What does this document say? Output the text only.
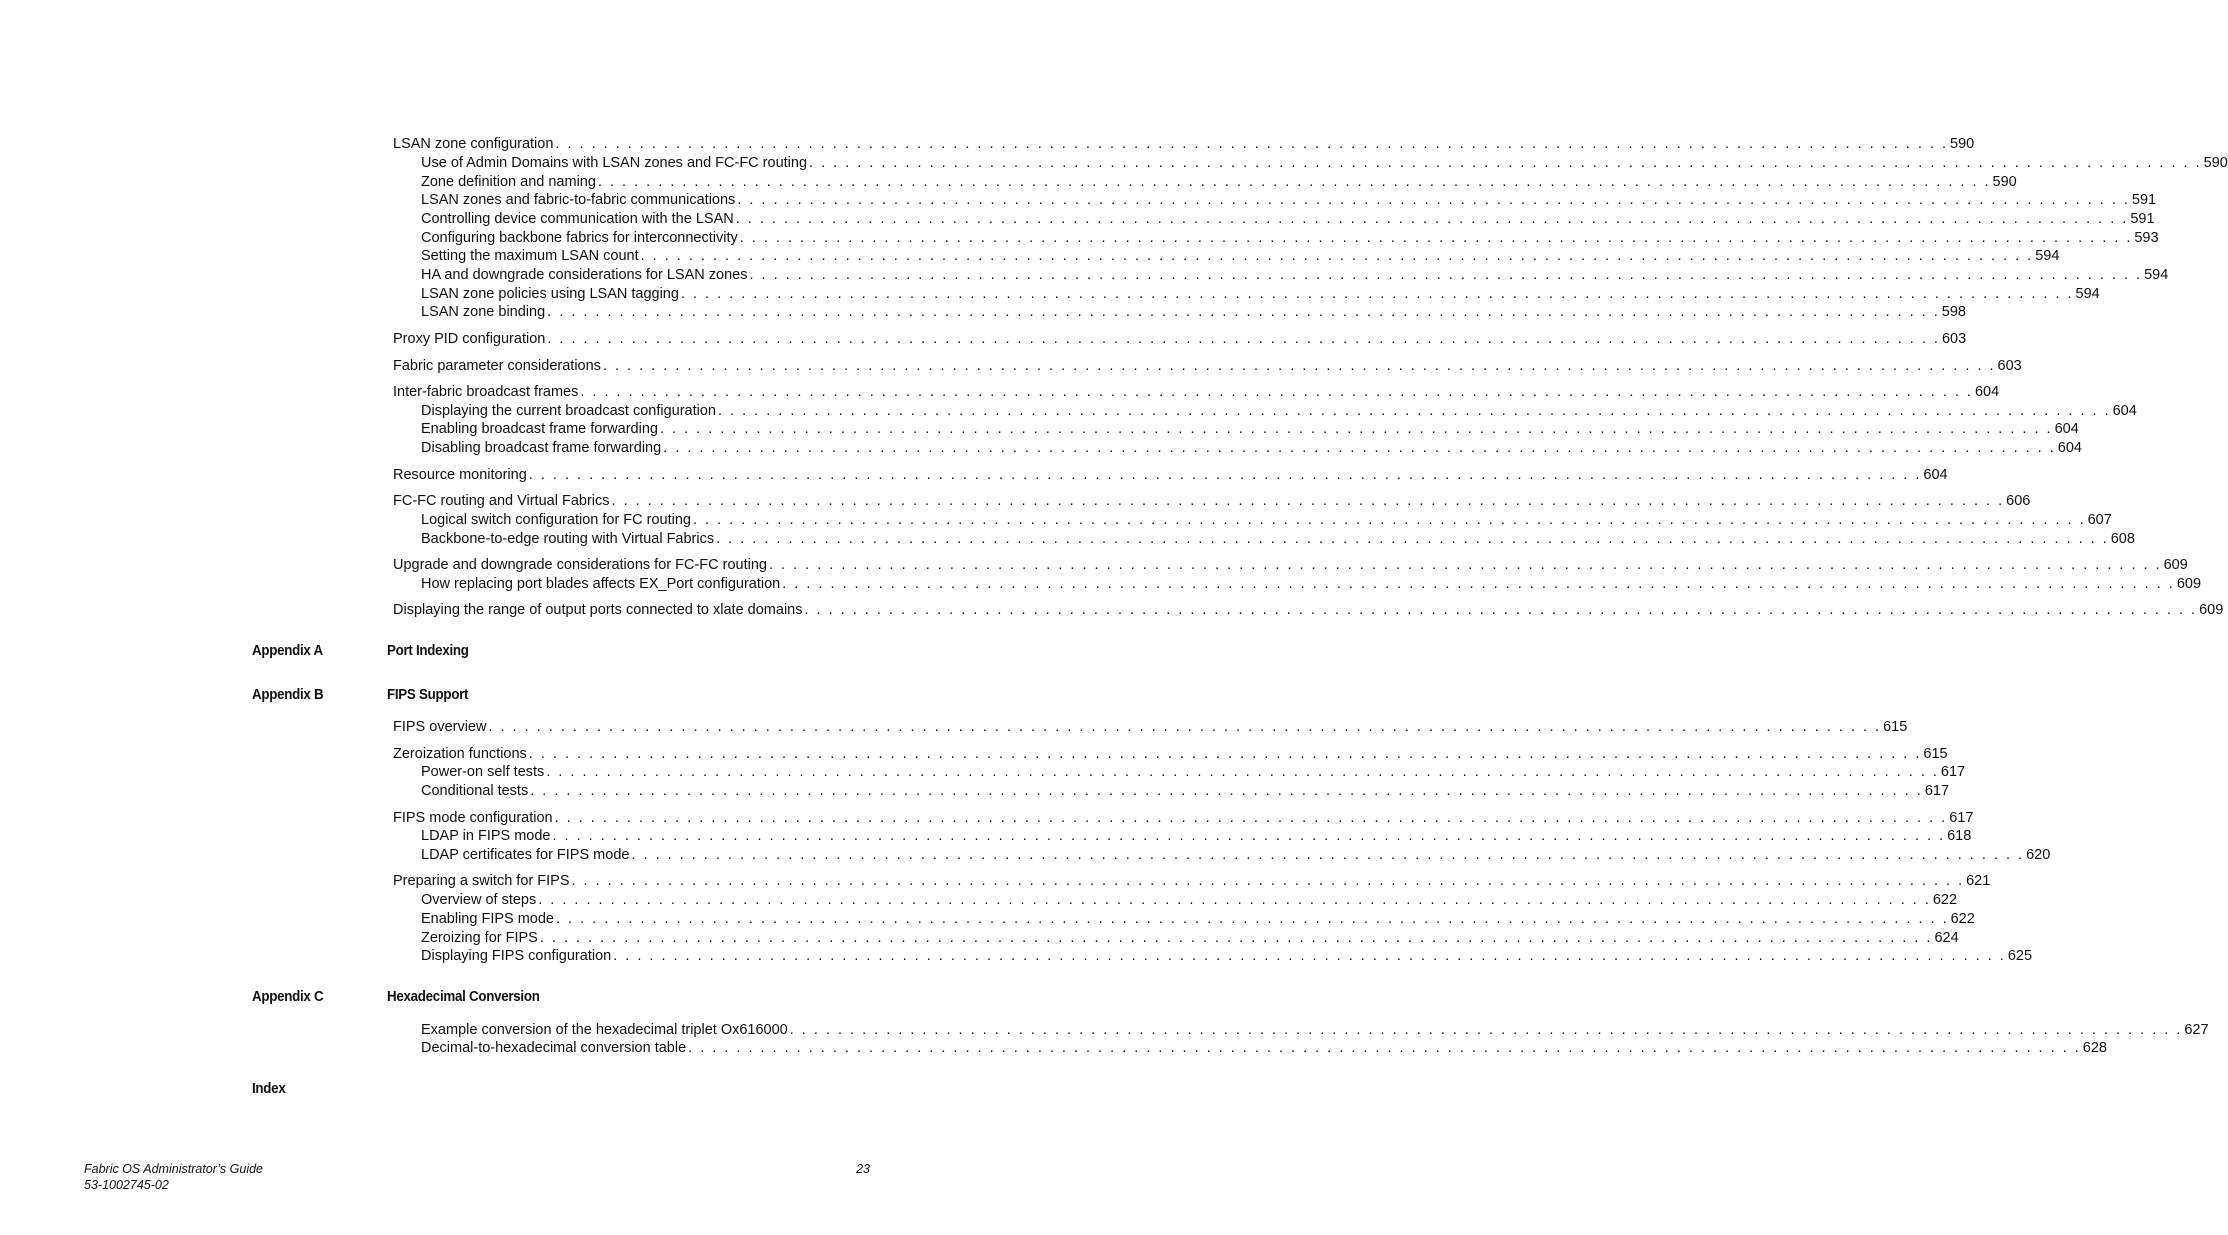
LSAN zone configuration . . . . . . . . . . . . . . . . . . . . . . . . . . . . . . . . . . . . . . . . . . . . . . . . . . . . . . . . . . . . . . . . . . . . . . . . . . . . . . . . . . . . . . . . . . . . . . . . . . . . . . . . . . . . . . . . . . . . 590
Use of Admin Domains with LSAN zones and FC-FC routing . . . . . . . . . . . . . . . . . . . . . . . . . . . . . . . . . . . . . . . . . . . . . . . . . . . . . . . . . . . . . . . . . . . . . . . . . . . . . . . . . . . . . . . . . . . . . . . . . . . . . . . . . . . . . . . . . . . . 590
Zone definition and naming . . . . . . . . . . . . . . . . . . . . . . . . . . . . . . . . . . . . . . . . . . . . . . . . . . . . . . . . . . . . . . . . . . . . . . . . . . . . . . . . . . . . . . . . . . . . . . . . . . . . . . . . . . . . . . . . . . . . 590
LSAN zones and fabric-to-fabric communications . . . . . . . . . . . . . . . . . . . . . . . . . . . . . . . . . . . . . . . . . . . . . . . . . . . . . . . . . . . . . . . . . . . . . . . . . . . . . . . . . . . . . . . . . . . . . . . . . . . . . . . . . . . . . . . . . . . . 591
Controlling device communication with the LSAN . . . . . . . . . . . . . . . . . . . . . . . . . . . . . . . . . . . . . . . . . . . . . . . . . . . . . . . . . . . . . . . . . . . . . . . . . . . . . . . . . . . . . . . . . . . . . . . . . . . . . . . . . . . . . . . . . . . . 591
Configuring backbone fabrics for interconnectivity . . . . . . . . . . . . . . . . . . . . . . . . . . . . . . . . . . . . . . . . . . . . . . . . . . . . . . . . . . . . . . . . . . . . . . . . . . . . . . . . . . . . . . . . . . . . . . . . . . . . . . . . . . . . . . . . . . . . 593
Setting the maximum LSAN count . . . . . . . . . . . . . . . . . . . . . . . . . . . . . . . . . . . . . . . . . . . . . . . . . . . . . . . . . . . . . . . . . . . . . . . . . . . . . . . . . . . . . . . . . . . . . . . . . . . . . . . . . . . . . . . . . . . . 594
HA and downgrade considerations for LSAN zones . . . . . . . . . . . . . . . . . . . . . . . . . . . . . . . . . . . . . . . . . . . . . . . . . . . . . . . . . . . . . . . . . . . . . . . . . . . . . . . . . . . . . . . . . . . . . . . . . . . . . . . . . . . . . . . . . . . . 594
LSAN zone policies using LSAN tagging . . . . . . . . . . . . . . . . . . . . . . . . . . . . . . . . . . . . . . . . . . . . . . . . . . . . . . . . . . . . . . . . . . . . . . . . . . . . . . . . . . . . . . . . . . . . . . . . . . . . . . . . . . . . . . . . . . . . 594
LSAN zone binding . . . . . . . . . . . . . . . . . . . . . . . . . . . . . . . . . . . . . . . . . . . . . . . . . . . . . . . . . . . . . . . . . . . . . . . . . . . . . . . . . . . . . . . . . . . . . . . . . . . . . . . . . . . . . . . . . . . . 598
Proxy PID configuration . . . . . . . . . . . . . . . . . . . . . . . . . . . . . . . . . . . . . . . . . . . . . . . . . . . . . . . . . . . . . . . . . . . . . . . . . . . . . . . . . . . . . . . . . . . . . . . . . . . . . . . . . . . . . . . . . . . . 603
Fabric parameter considerations . . . . . . . . . . . . . . . . . . . . . . . . . . . . . . . . . . . . . . . . . . . . . . . . . . . . . . . . . . . . . . . . . . . . . . . . . . . . . . . . . . . . . . . . . . . . . . . . . . . . . . . . . . . . . . . . . . . . 603
Inter-fabric broadcast frames . . . . . . . . . . . . . . . . . . . . . . . . . . . . . . . . . . . . . . . . . . . . . . . . . . . . . . . . . . . . . . . . . . . . . . . . . . . . . . . . . . . . . . . . . . . . . . . . . . . . . . . . . . . . . . . . . . . . 604
Displaying the current broadcast configuration . . . . . . . . . . . . . . . . . . . . . . . . . . . . . . . . . . . . . . . . . . . . . . . . . . . . . . . . . . . . . . . . . . . . . . . . . . . . . . . . . . . . . . . . . . . . . . . . . . . . . . . . . . . . . . . . . . . . 604
Enabling broadcast frame forwarding . . . . . . . . . . . . . . . . . . . . . . . . . . . . . . . . . . . . . . . . . . . . . . . . . . . . . . . . . . . . . . . . . . . . . . . . . . . . . . . . . . . . . . . . . . . . . . . . . . . . . . . . . . . . . . . . . . . . 604
Disabling broadcast frame forwarding . . . . . . . . . . . . . . . . . . . . . . . . . . . . . . . . . . . . . . . . . . . . . . . . . . . . . . . . . . . . . . . . . . . . . . . . . . . . . . . . . . . . . . . . . . . . . . . . . . . . . . . . . . . . . . . . . . . . 604
Resource monitoring . . . . . . . . . . . . . . . . . . . . . . . . . . . . . . . . . . . . . . . . . . . . . . . . . . . . . . . . . . . . . . . . . . . . . . . . . . . . . . . . . . . . . . . . . . . . . . . . . . . . . . . . . . . . . . . . . . . . 604
FC-FC routing and Virtual Fabrics . . . . . . . . . . . . . . . . . . . . . . . . . . . . . . . . . . . . . . . . . . . . . . . . . . . . . . . . . . . . . . . . . . . . . . . . . . . . . . . . . . . . . . . . . . . . . . . . . . . . . . . . . . . . . . . . . . . . 606
Logical switch configuration for FC routing . . . . . . . . . . . . . . . . . . . . . . . . . . . . . . . . . . . . . . . . . . . . . . . . . . . . . . . . . . . . . . . . . . . . . . . . . . . . . . . . . . . . . . . . . . . . . . . . . . . . . . . . . . . . . . . . . . . . 607
Backbone-to-edge routing with Virtual Fabrics . . . . . . . . . . . . . . . . . . . . . . . . . . . . . . . . . . . . . . . . . . . . . . . . . . . . . . . . . . . . . . . . . . . . . . . . . . . . . . . . . . . . . . . . . . . . . . . . . . . . . . . . . . . . . . . . . . . . 608
Upgrade and downgrade considerations for FC-FC routing . . . . . . . . . . . . . . . . . . . . . . . . . . . . . . . . . . . . . . . . . . . . . . . . . . . . . . . . . . . . . . . . . . . . . . . . . . . . . . . . . . . . . . . . . . . . . . . . . . . . . . . . . . . . . . . . . . . . 609
How replacing port blades affects EX_Port configuration . . . . . . . . . . . . . . . . . . . . . . . . . . . . . . . . . . . . . . . . . . . . . . . . . . . . . . . . . . . . . . . . . . . . . . . . . . . . . . . . . . . . . . . . . . . . . . . . . . . . . . . . . . . . . . . . . . . . 609
Displaying the range of output ports connected to xlate domains . . . . . . . . . . . . . . . . . . . . . . . . . . . . . . . . . . . . . . . . . . . . . . . . . . . . . . . . . . . . . . . . . . . . . . . . . . . . . . . . . . . . . . . . . . . . . . . . . . . . . . . . . . . . . . . . . . . . 609
FIPS overview . . . . . . . . . . . . . . . . . . . . . . . . . . . . . . . . . . . . . . . . . . . . . . . . . . . . . . . . . . . . . . . . . . . . . . . . . . . . . . . . . . . . . . . . . . . . . . . . . . . . . . . . . . . . . . . . . . . . 615
Zeroization functions . . . . . . . . . . . . . . . . . . . . . . . . . . . . . . . . . . . . . . . . . . . . . . . . . . . . . . . . . . . . . . . . . . . . . . . . . . . . . . . . . . . . . . . . . . . . . . . . . . . . . . . . . . . . . . . . . . . . 615
Power-on self tests . . . . . . . . . . . . . . . . . . . . . . . . . . . . . . . . . . . . . . . . . . . . . . . . . . . . . . . . . . . . . . . . . . . . . . . . . . . . . . . . . . . . . . . . . . . . . . . . . . . . . . . . . . . . . . . . . . . . 617
Conditional tests . . . . . . . . . . . . . . . . . . . . . . . . . . . . . . . . . . . . . . . . . . . . . . . . . . . . . . . . . . . . . . . . . . . . . . . . . . . . . . . . . . . . . . . . . . . . . . . . . . . . . . . . . . . . . . . . . . . . 617
FIPS mode configuration . . . . . . . . . . . . . . . . . . . . . . . . . . . . . . . . . . . . . . . . . . . . . . . . . . . . . . . . . . . . . . . . . . . . . . . . . . . . . . . . . . . . . . . . . . . . . . . . . . . . . . . . . . . . . . . . . . . . 617
LDAP in FIPS mode . . . . . . . . . . . . . . . . . . . . . . . . . . . . . . . . . . . . . . . . . . . . . . . . . . . . . . . . . . . . . . . . . . . . . . . . . . . . . . . . . . . . . . . . . . . . . . . . . . . . . . . . . . . . . . . . . . . . 618
LDAP certificates for FIPS mode . . . . . . . . . . . . . . . . . . . . . . . . . . . . . . . . . . . . . . . . . . . . . . . . . . . . . . . . . . . . . . . . . . . . . . . . . . . . . . . . . . . . . . . . . . . . . . . . . . . . . . . . . . . . . . . . . . . . 620
Preparing a switch for FIPS . . . . . . . . . . . . . . . . . . . . . . . . . . . . . . . . . . . . . . . . . . . . . . . . . . . . . . . . . . . . . . . . . . . . . . . . . . . . . . . . . . . . . . . . . . . . . . . . . . . . . . . . . . . . . . . . . . . . 621
Overview of steps . . . . . . . . . . . . . . . . . . . . . . . . . . . . . . . . . . . . . . . . . . . . . . . . . . . . . . . . . . . . . . . . . . . . . . . . . . . . . . . . . . . . . . . . . . . . . . . . . . . . . . . . . . . . . . . . . . . . 622
Enabling FIPS mode . . . . . . . . . . . . . . . . . . . . . . . . . . . . . . . . . . . . . . . . . . . . . . . . . . . . . . . . . . . . . . . . . . . . . . . . . . . . . . . . . . . . . . . . . . . . . . . . . . . . . . . . . . . . . . . . . . . . 622
Zeroizing for FIPS . . . . . . . . . . . . . . . . . . . . . . . . . . . . . . . . . . . . . . . . . . . . . . . . . . . . . . . . . . . . . . . . . . . . . . . . . . . . . . . . . . . . . . . . . . . . . . . . . . . . . . . . . . . . . . . . . . . . 624
Displaying FIPS configuration . . . . . . . . . . . . . . . . . . . . . . . . . . . . . . . . . . . . . . . . . . . . . . . . . . . . . . . . . . . . . . . . . . . . . . . . . . . . . . . . . . . . . . . . . . . . . . . . . . . . . . . . . . . . . . . . . . . . 625
Example conversion of the hexadecimal triplet Ox616000 . . . . . . . . . . . . . . . . . . . . . . . . . . . . . . . . . . . . . . . . . . . . . . . . . . . . . . . . . . . . . . . . . . . . . . . . . . . . . . . . . . . . . . . . . . . . . . . . . . . . . . . . . . . . . . . . . . . . 627
Decimal-to-hexadecimal conversion table . . . . . . . . . . . . . . . . . . . . . . . . . . . . . . . . . . . . . . . . . . . . . . . . . . . . . . . . . . . . . . . . . . . . . . . . . . . . . . . . . . . . . . . . . . . . . . . . . . . . . . . . . . . . . . . . . . . . 628
Appendix A	Port Indexing
Appendix B	FIPS Support
Appendix C	Hexadecimal Conversion
Index
Fabric OS Administrator’s Guide
53-1002745-02
23
